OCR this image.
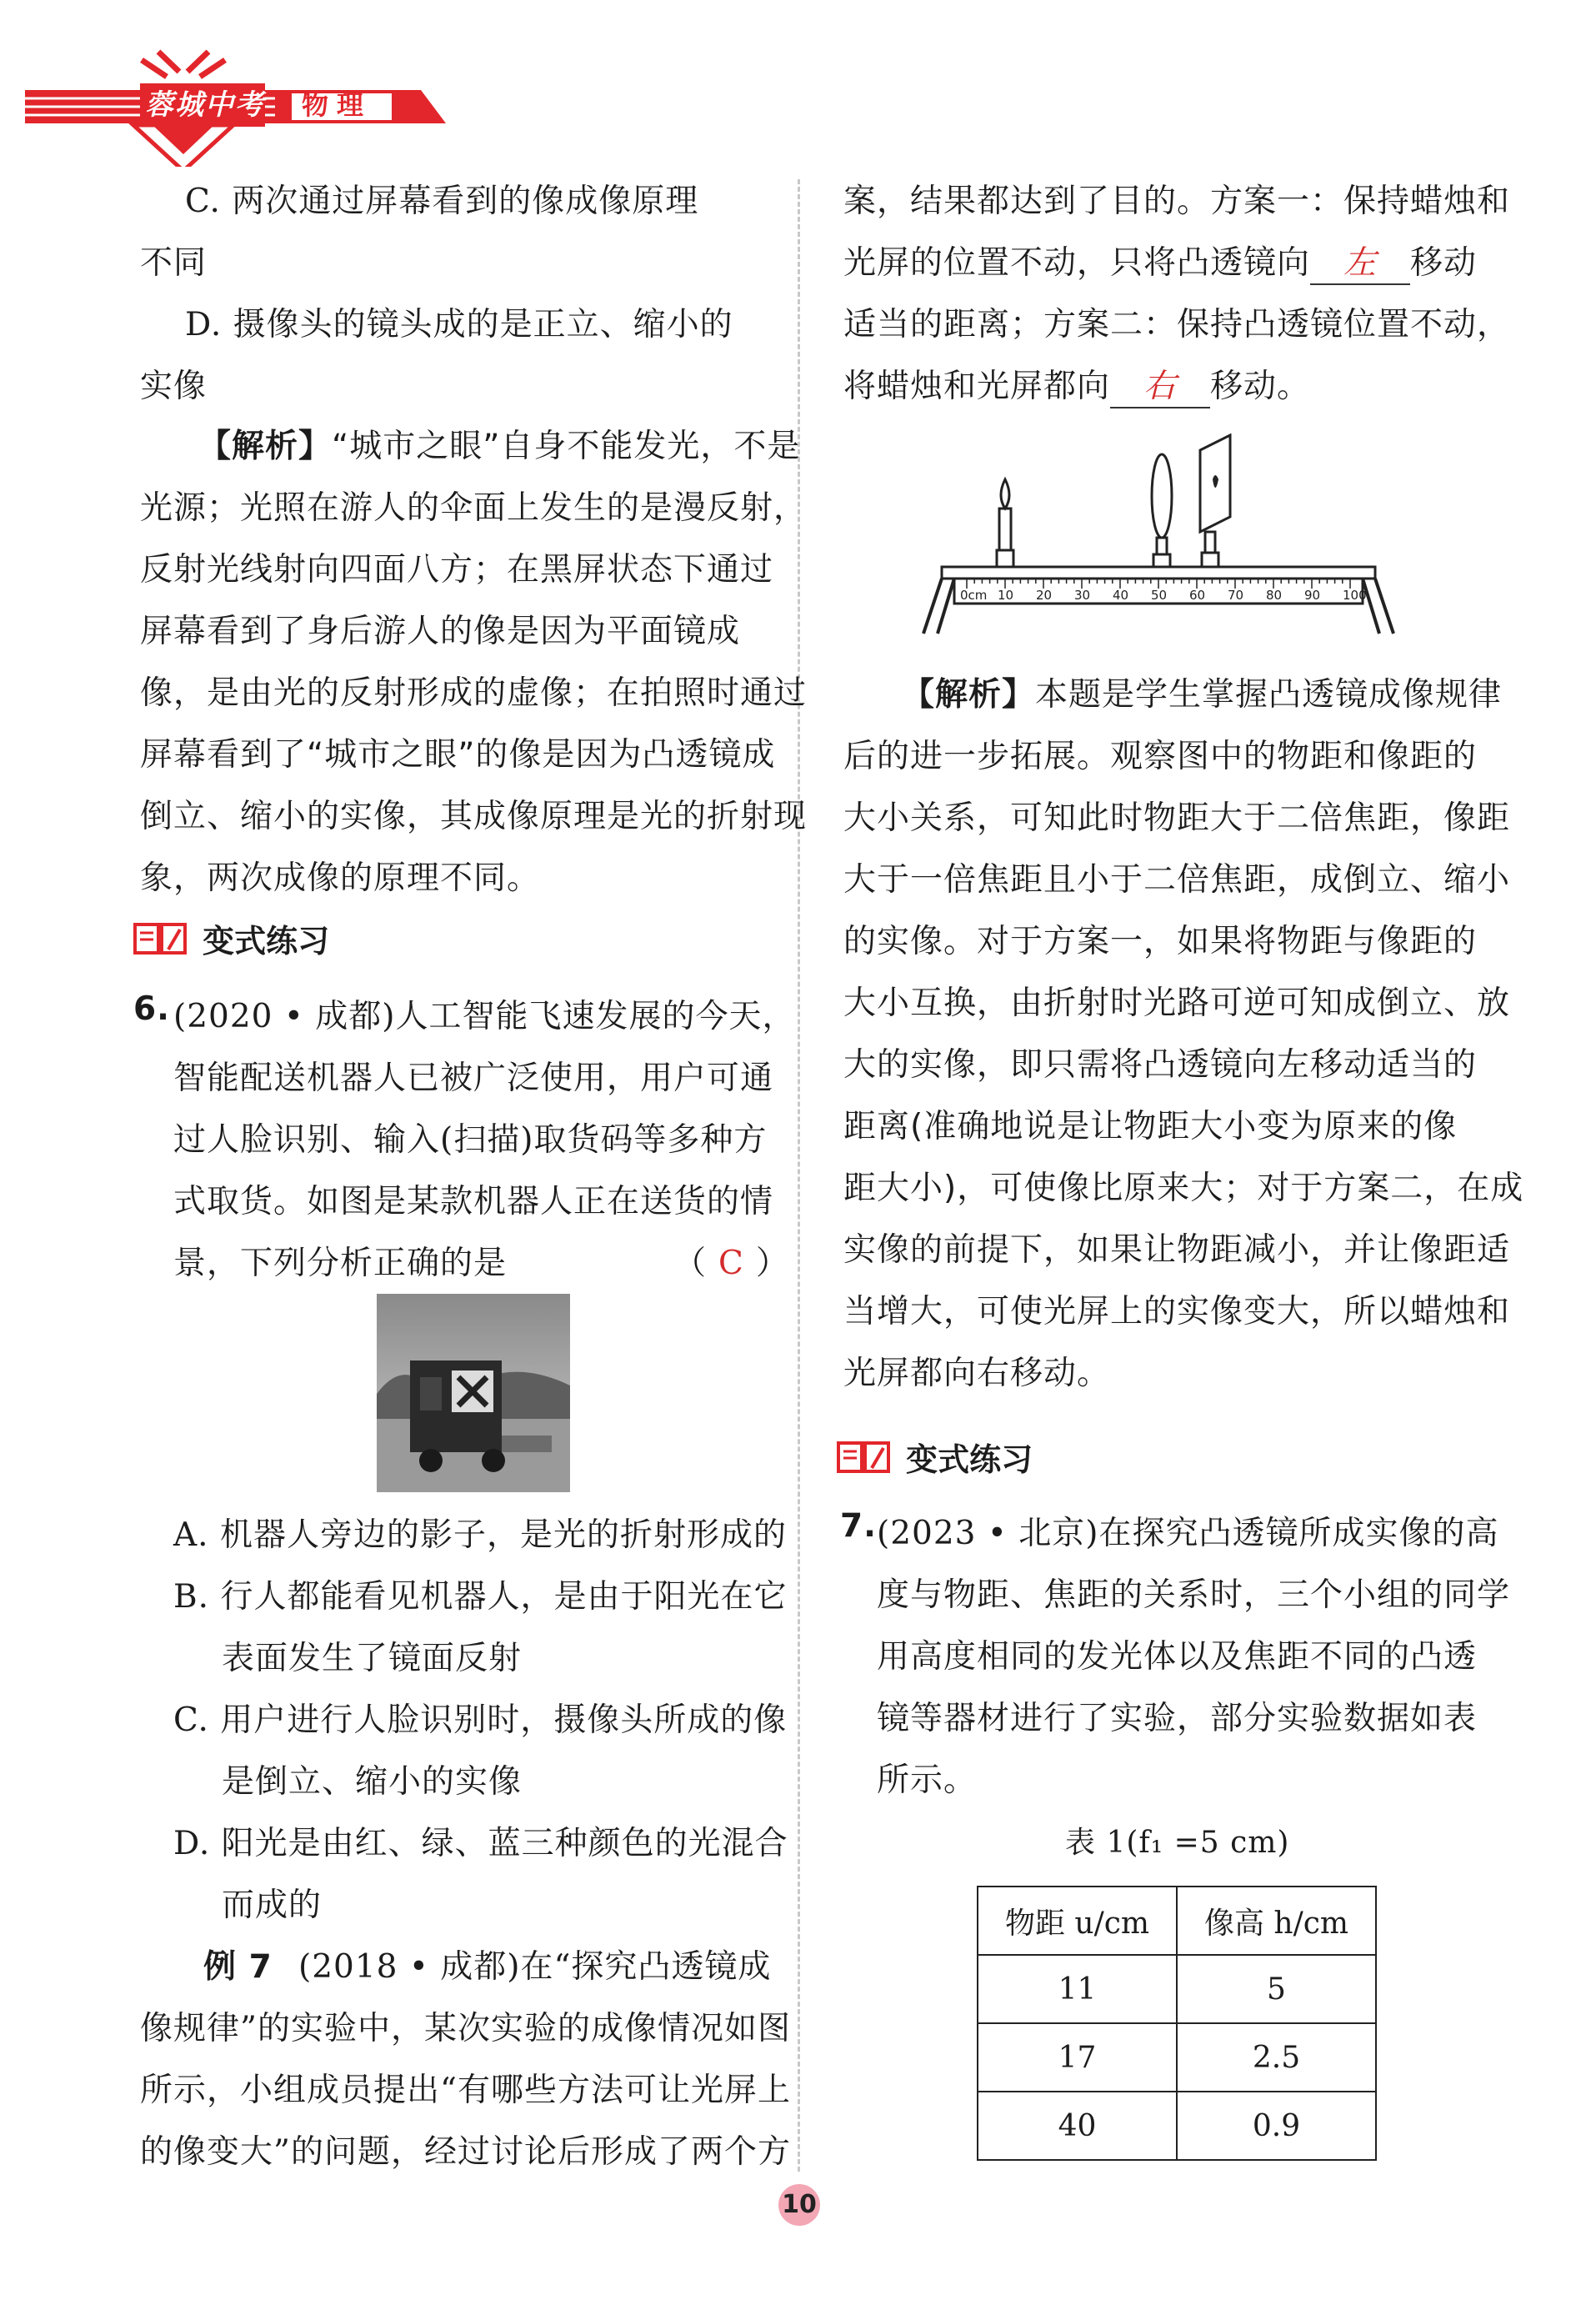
蓉城中考 物理
C. 两次通过屏幕看到的像成像原理
不同
D. 摄像头的镜头成的是正立、缩小的
实像
【解析】“城市之眼”自身不能发光，不是
光源；光照在游人的伞面上发生的是漫反射，
反射光线射向四面八方；在黑屏状态下通过
屏幕看到了身后游人的像是因为平面镜成
像，是由光的反射形成的虚像；在拍照时通过
屏幕看到了“城市之眼”的像是因为凸透镜成
倒立、缩小的实像，其成像原理是光的折射现
象，两次成像的原理不同。
变式练习
6. (2020 • 成都)人工智能飞速发展的今天，
智能配送机器人已被广泛使用，用户可通
过人脸识别、输入(扫描)取货码等多种方
式取货。如图是某款机器人正在送货的情
景，下列分析正确的是	（ C ）
A. 机器人旁边的影子，是光的折射形成的
B. 行人都能看见机器人，是由于阳光在它
表面发生了镜面反射
C. 用户进行人脸识别时，摄像头所成的像
是倒立、缩小的实像
D. 阳光是由红、绿、蓝三种颜色的光混合
而成的
例 7 (2018 • 成都)在“探究凸透镜成
像规律”的实验中，某次实验的成像情况如图
所示，小组成员提出“有哪些方法可让光屏上
的像变大”的问题，经过讨论后形成了两个方
案，结果都达到了目的。方案一：保持蜡烛和
光屏的位置不动，只将凸透镜向 左 移动
适当的距离；方案二：保持凸透镜位置不动，
将蜡烛和光屏都向 右 移动。
0cm 10 20 30 40 50 60 70 80 90 100
【解析】本题是学生掌握凸透镜成像规律
后的进一步拓展。观察图中的物距和像距的
大小关系，可知此时物距大于二倍焦距，像距
大于一倍焦距且小于二倍焦距，成倒立、缩小
的实像。对于方案一，如果将物距与像距的
大小互换，由折射时光路可逆可知成倒立、放
大的实像，即只需将凸透镜向左移动适当的
距离(准确地说是让物距大小变为原来的像
距大小)，可使像比原来大；对于方案二，在成
实像的前提下，如果让物距减小，并让像距适
当增大，可使光屏上的实像变大，所以蜡烛和
光屏都向右移动。
变式练习
7. (2023 • 北京)在探究凸透镜所成实像的高
度与物距、焦距的关系时，三个小组的同学
用高度相同的发光体以及焦距不同的凸透
镜等器材进行了实验，部分实验数据如表
所示。
表 1(f₁ =5 cm)
物距 u/cm	像高 h/cm
11	5
17	2.5
40	0.9
10
